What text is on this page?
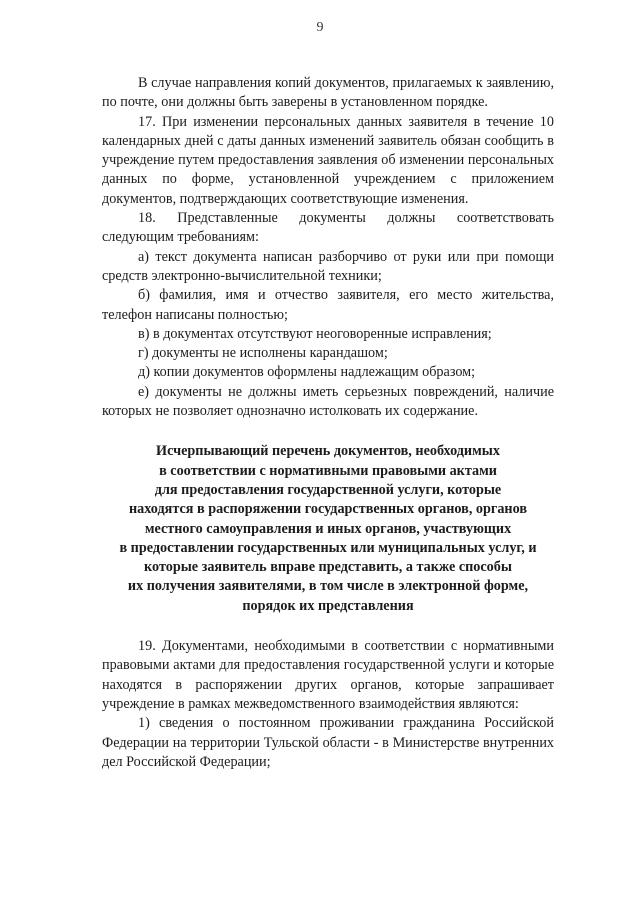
9

В случае направления копий документов, прилагаемых к заявлению, по почте, они должны быть заверены в установленном порядке.

17. При изменении персональных данных заявителя в течение 10 календарных дней с даты данных изменений заявитель обязан сообщить в учреждение путем предоставления заявления об изменении персональных данных по форме, установленной учреждением с приложением документов, подтверждающих соответствующие изменения.

18. Представленные документы должны соответствовать следующим требованиям:

а) текст документа написан разборчиво от руки или при помощи средств электронно-вычислительной техники;

б) фамилия, имя и отчество заявителя, его место жительства, телефон написаны полностью;

в) в документах отсутствуют неоговоренные исправления;

г) документы не исполнены карандашом;

д) копии документов оформлены надлежащим образом;

е) документы не должны иметь серьезных повреждений, наличие которых не позволяет однозначно истолковать их содержание.

Исчерпывающий перечень документов, необходимых
в соответствии с нормативными правовыми актами
для предоставления государственной услуги, которые
находятся в распоряжении государственных органов, органов
местного самоуправления и иных органов, участвующих
в предоставлении государственных или муниципальных услуг, и
которые заявитель вправе представить, а также способы
их получения заявителями, в том числе в электронной форме,
порядок их представления

19. Документами, необходимыми в соответствии с нормативными правовыми актами для предоставления государственной услуги и которые находятся в распоряжении других органов, которые запрашивает учреждение в рамках межведомственного взаимодействия являются:

1) сведения о постоянном проживании гражданина Российской Федерации на территории Тульской области - в Министерстве внутренних дел Российской Федерации;
